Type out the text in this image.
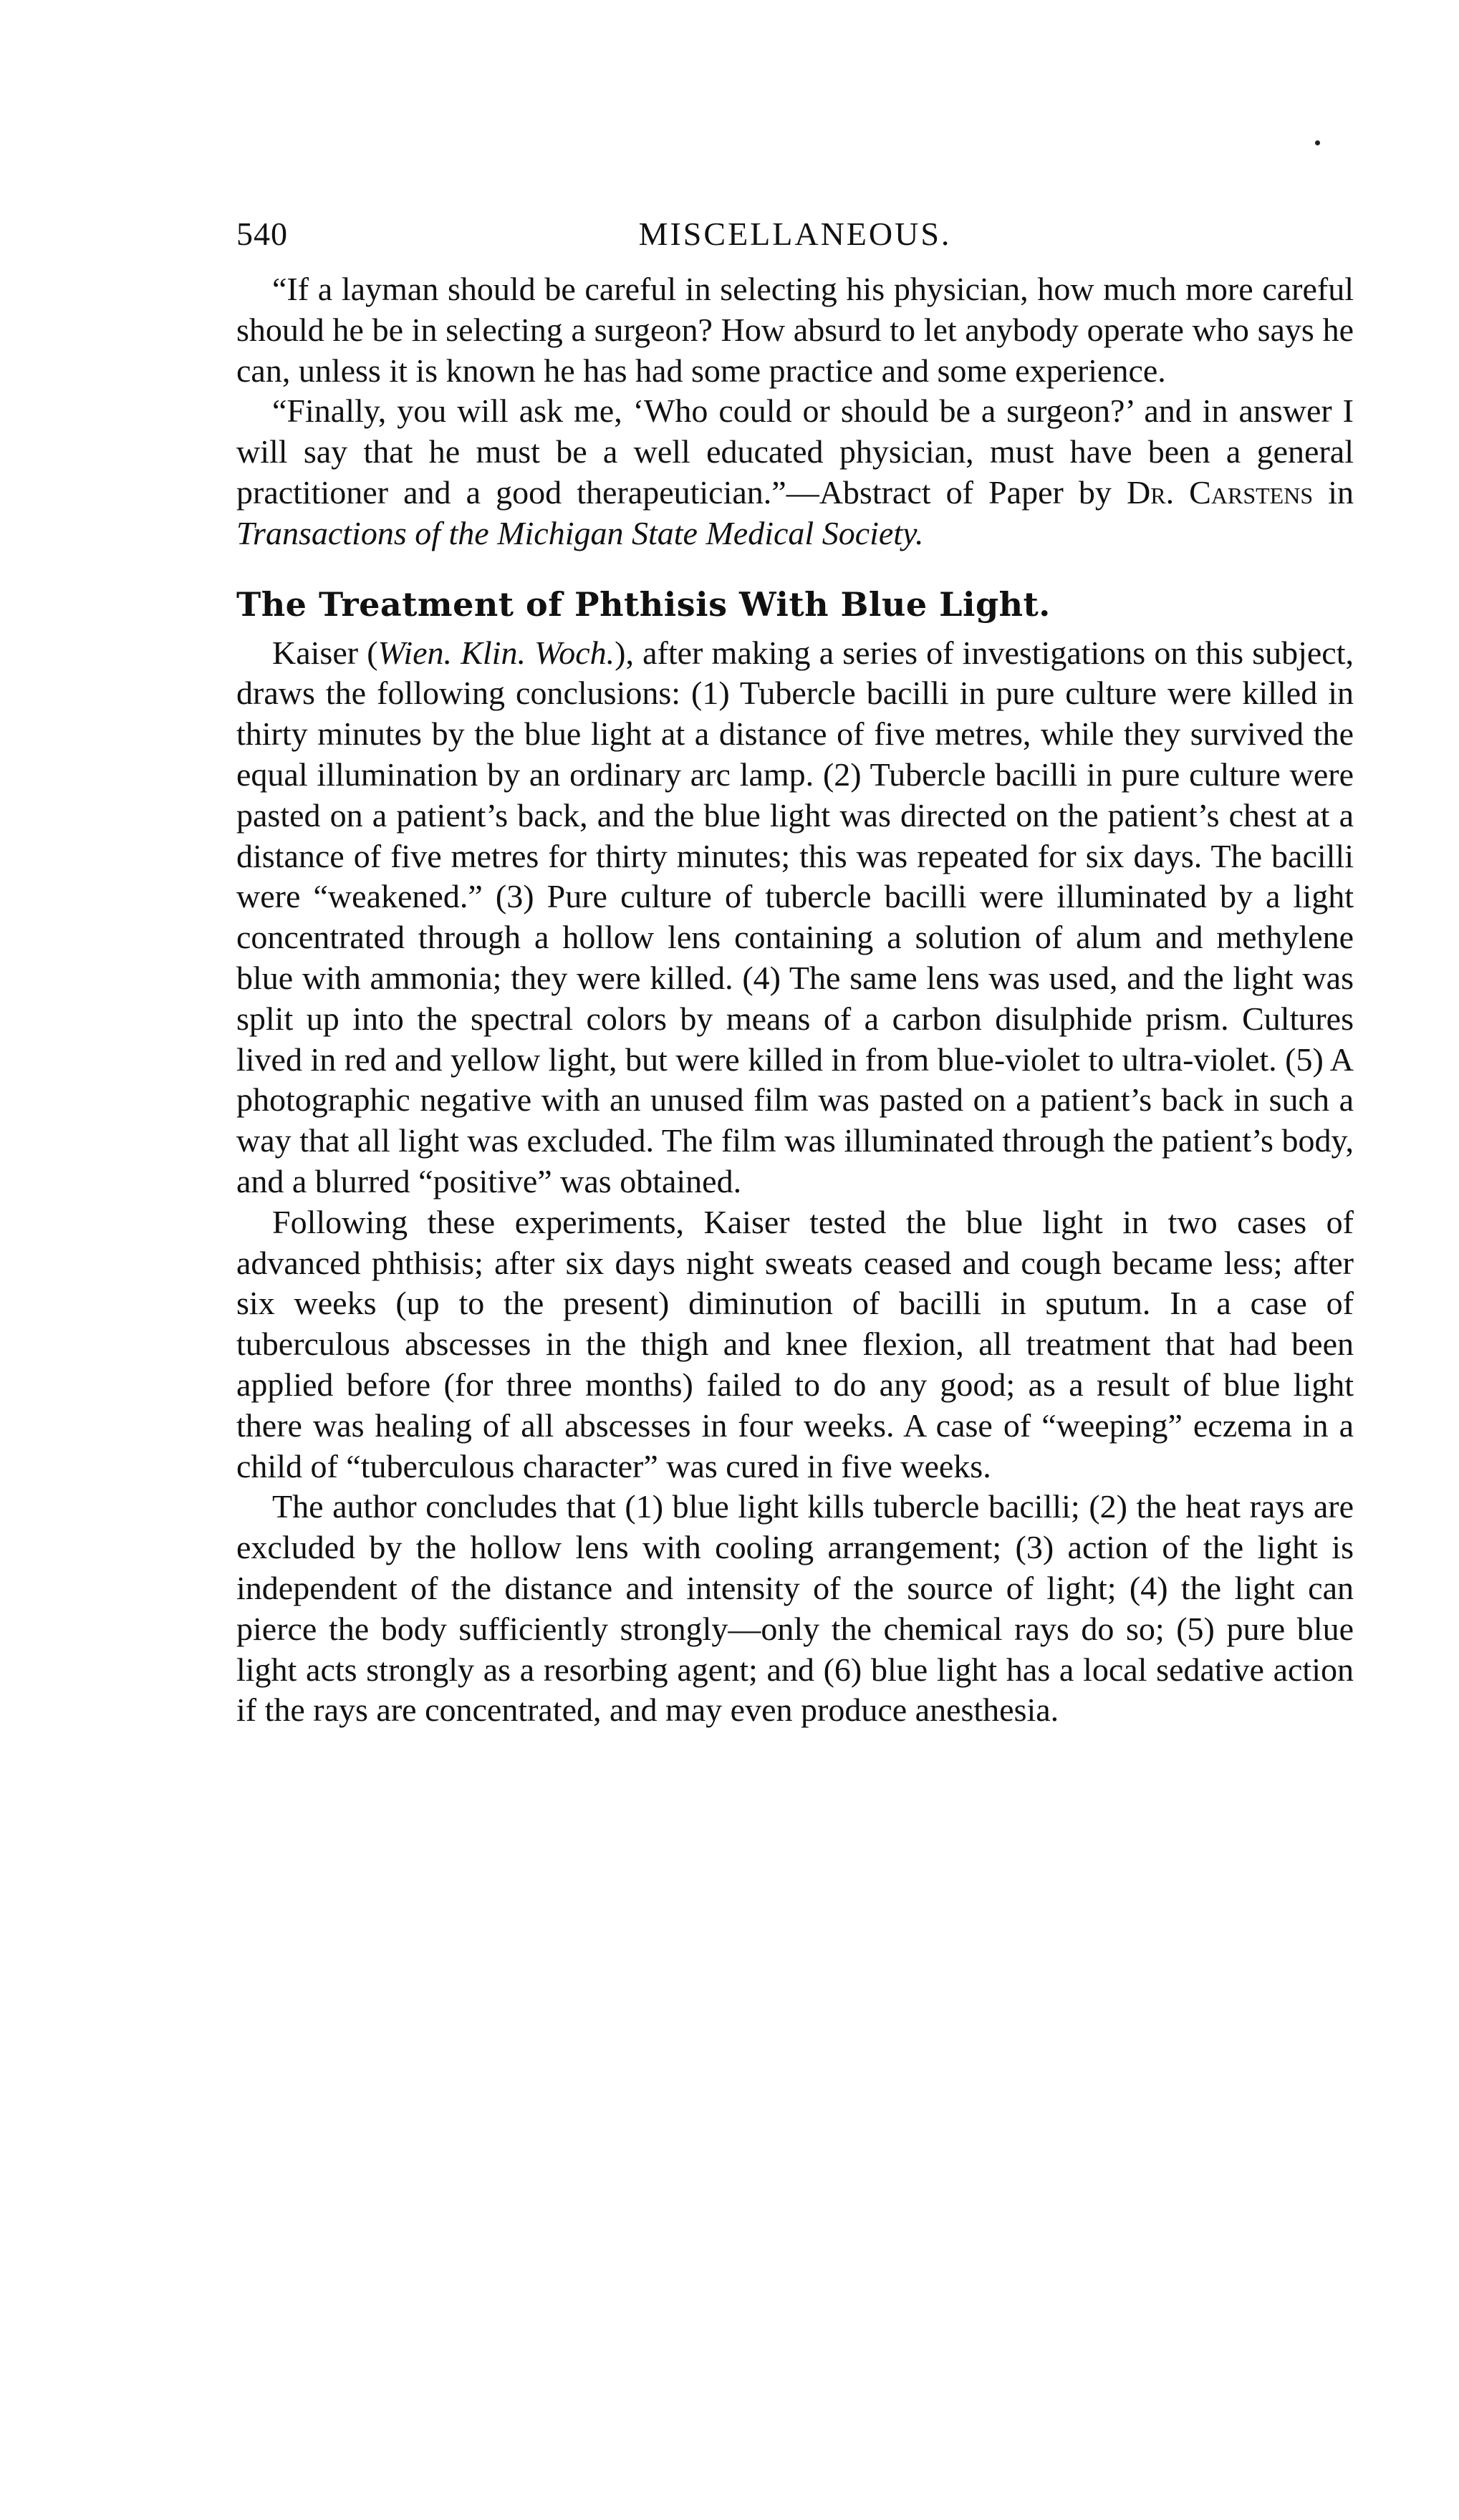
540	MISCELLANEOUS.

“If a layman should be careful in selecting his physician, how much more careful should he be in selecting a surgeon? How absurd to let anybody operate who says he can, unless it is known he has had some practice and some experience.

“Finally, you will ask me, ‘Who could or should be a surgeon?’ and in answer I will say that he must be a well educated physician, must have been a general practitioner and a good therapeutician.”—Abstract of Paper by Dr. Carstens in Transactions of the Michigan State Medical Society.

The Treatment of Phthisis With Blue Light.

Kaiser (Wien. Klin. Woch.), after making a series of investigations on this subject, draws the following conclusions: (1) Tubercle bacilli in pure culture were killed in thirty minutes by the blue light at a distance of five metres, while they survived the equal illumination by an ordinary arc lamp. (2) Tubercle bacilli in pure culture were pasted on a patient’s back, and the blue light was directed on the patient’s chest at a distance of five metres for thirty minutes; this was repeated for six days. The bacilli were “weakened.” (3) Pure culture of tubercle bacilli were illuminated by a light concentrated through a hollow lens containing a solution of alum and methylene blue with ammonia; they were killed. (4) The same lens was used, and the light was split up into the spectral colors by means of a carbon disulphide prism. Cultures lived in red and yellow light, but were killed in from blue-violet to ultra-violet. (5) A photographic negative with an unused film was pasted on a patient’s back in such a way that all light was excluded. The film was illuminated through the patient’s body, and a blurred “positive” was obtained.

Following these experiments, Kaiser tested the blue light in two cases of advanced phthisis; after six days night sweats ceased and cough became less; after six weeks (up to the present) diminution of bacilli in sputum. In a case of tuberculous abscesses in the thigh and knee flexion, all treatment that had been applied before (for three months) failed to do any good; as a result of blue light there was healing of all abscesses in four weeks. A case of “weeping” eczema in a child of “tuberculous character” was cured in five weeks.

The author concludes that (1) blue light kills tubercle bacilli; (2) the heat rays are excluded by the hollow lens with cooling arrangement; (3) action of the light is independent of the distance and intensity of the source of light; (4) the light can pierce the body sufficiently strongly—only the chemical rays do so; (5) pure blue light acts strongly as a resorbing agent; and (6) blue light has a local sedative action if the rays are concentrated, and may even produce anesthesia.
